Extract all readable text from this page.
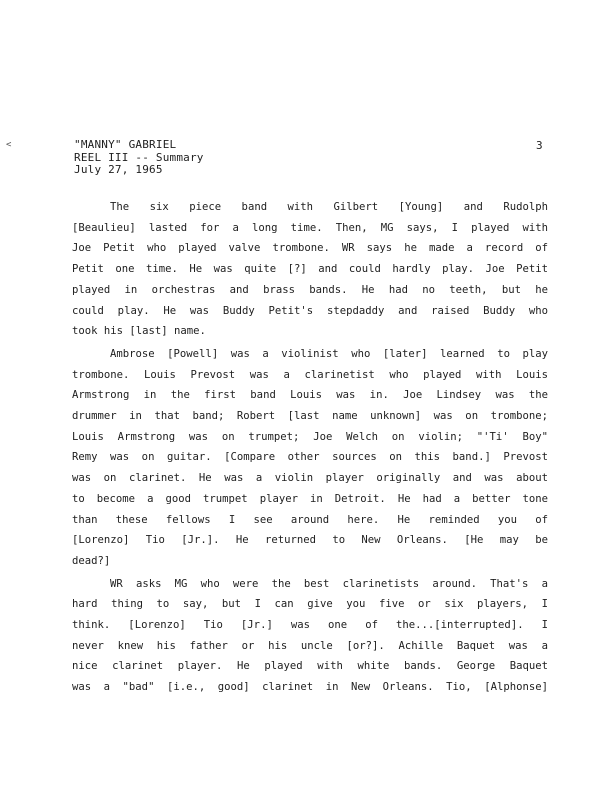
<	"MANNY" GABRIEL
REEL III -- Summary
July 27, 1965
3
The six piece band with Gilbert [Young] and Rudolph
[Beaulieu] lasted for a long time. Then, MG says, I played with
Joe Petit who played valve trombone. WR says he made a record of
Petit one time. He was quite [?] and could hardly play. Joe Petit
played in orchestras and brass bands. He had no teeth, but he
could play. He was Buddy Petit's stepdaddy and raised Buddy who
took his [last] name.
Ambrose [Powell] was a violinist who [later] learned to play
trombone. Louis Prevost was a clarinetist who played with Louis
Armstrong in the first band Louis was in. Joe Lindsey was the
drummer in that band; Robert [last name unknown] was on trombone;
Louis Armstrong was on trumpet; Joe Welch on violin; "'Ti' Boy"
Remy was on guitar. [Compare other sources on this band.] Prevost
was on clarinet. He was a violin player originally and was about
to become a good trumpet player in Detroit. He had a better tone
than these fellows I see around here. He reminded you of
[Lorenzo] Tio [Jr.]. He returned to New Orleans. [He may be
dead?]
WR asks MG who were the best clarinetists around. That's a
hard thing to say, but I can give you five or six players, I
think. [Lorenzo] Tio [Jr.] was one of the...[interrupted]. I
never knew his father or his uncle [or?]. Achille Baquet was a
nice clarinet player. He played with white bands. George Baquet
was a "bad" [i.e., good] clarinet in New Orleans. Tio, [Alphonse]
